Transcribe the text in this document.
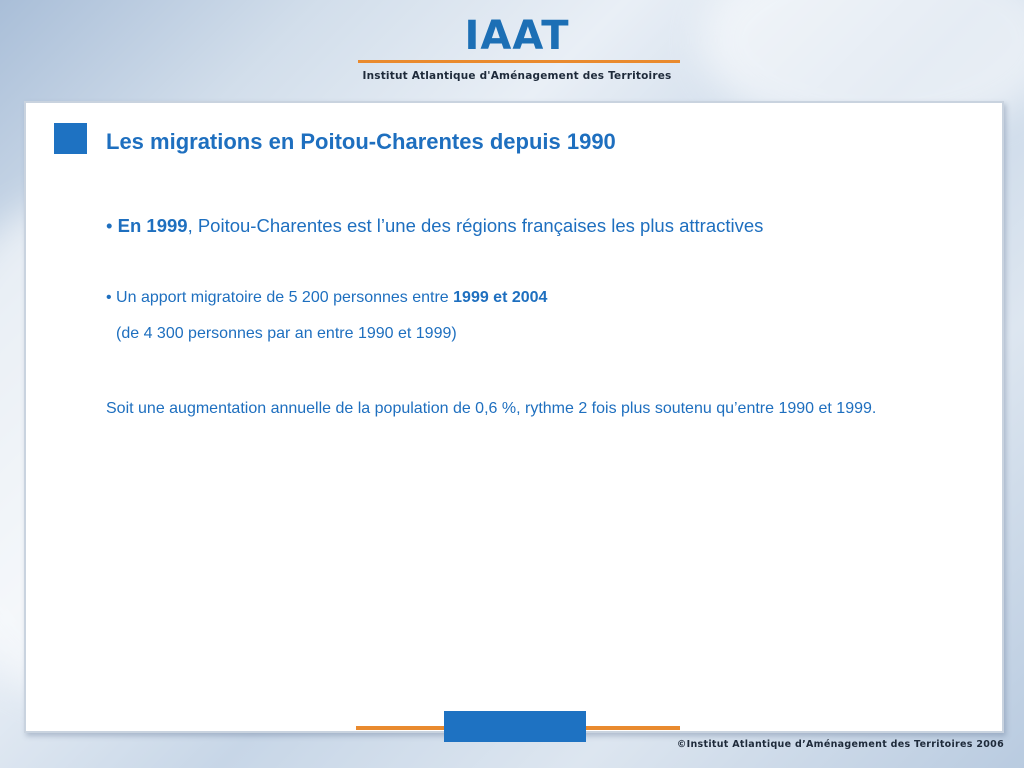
IAAT
Institut Atlantique d'Aménagement des Territoires
Les migrations en Poitou-Charentes depuis 1990
• En 1999, Poitou-Charentes est l’une des régions françaises les plus attractives
• Un apport migratoire de 5 200 personnes entre 1999 et 2004
(de 4 300 personnes par an entre 1990 et 1999)
Soit une augmentation annuelle de la population de 0,6 %, rythme 2 fois plus soutenu qu’entre 1990 et 1999.
©Institut Atlantique d’Aménagement des Territoires 2006
